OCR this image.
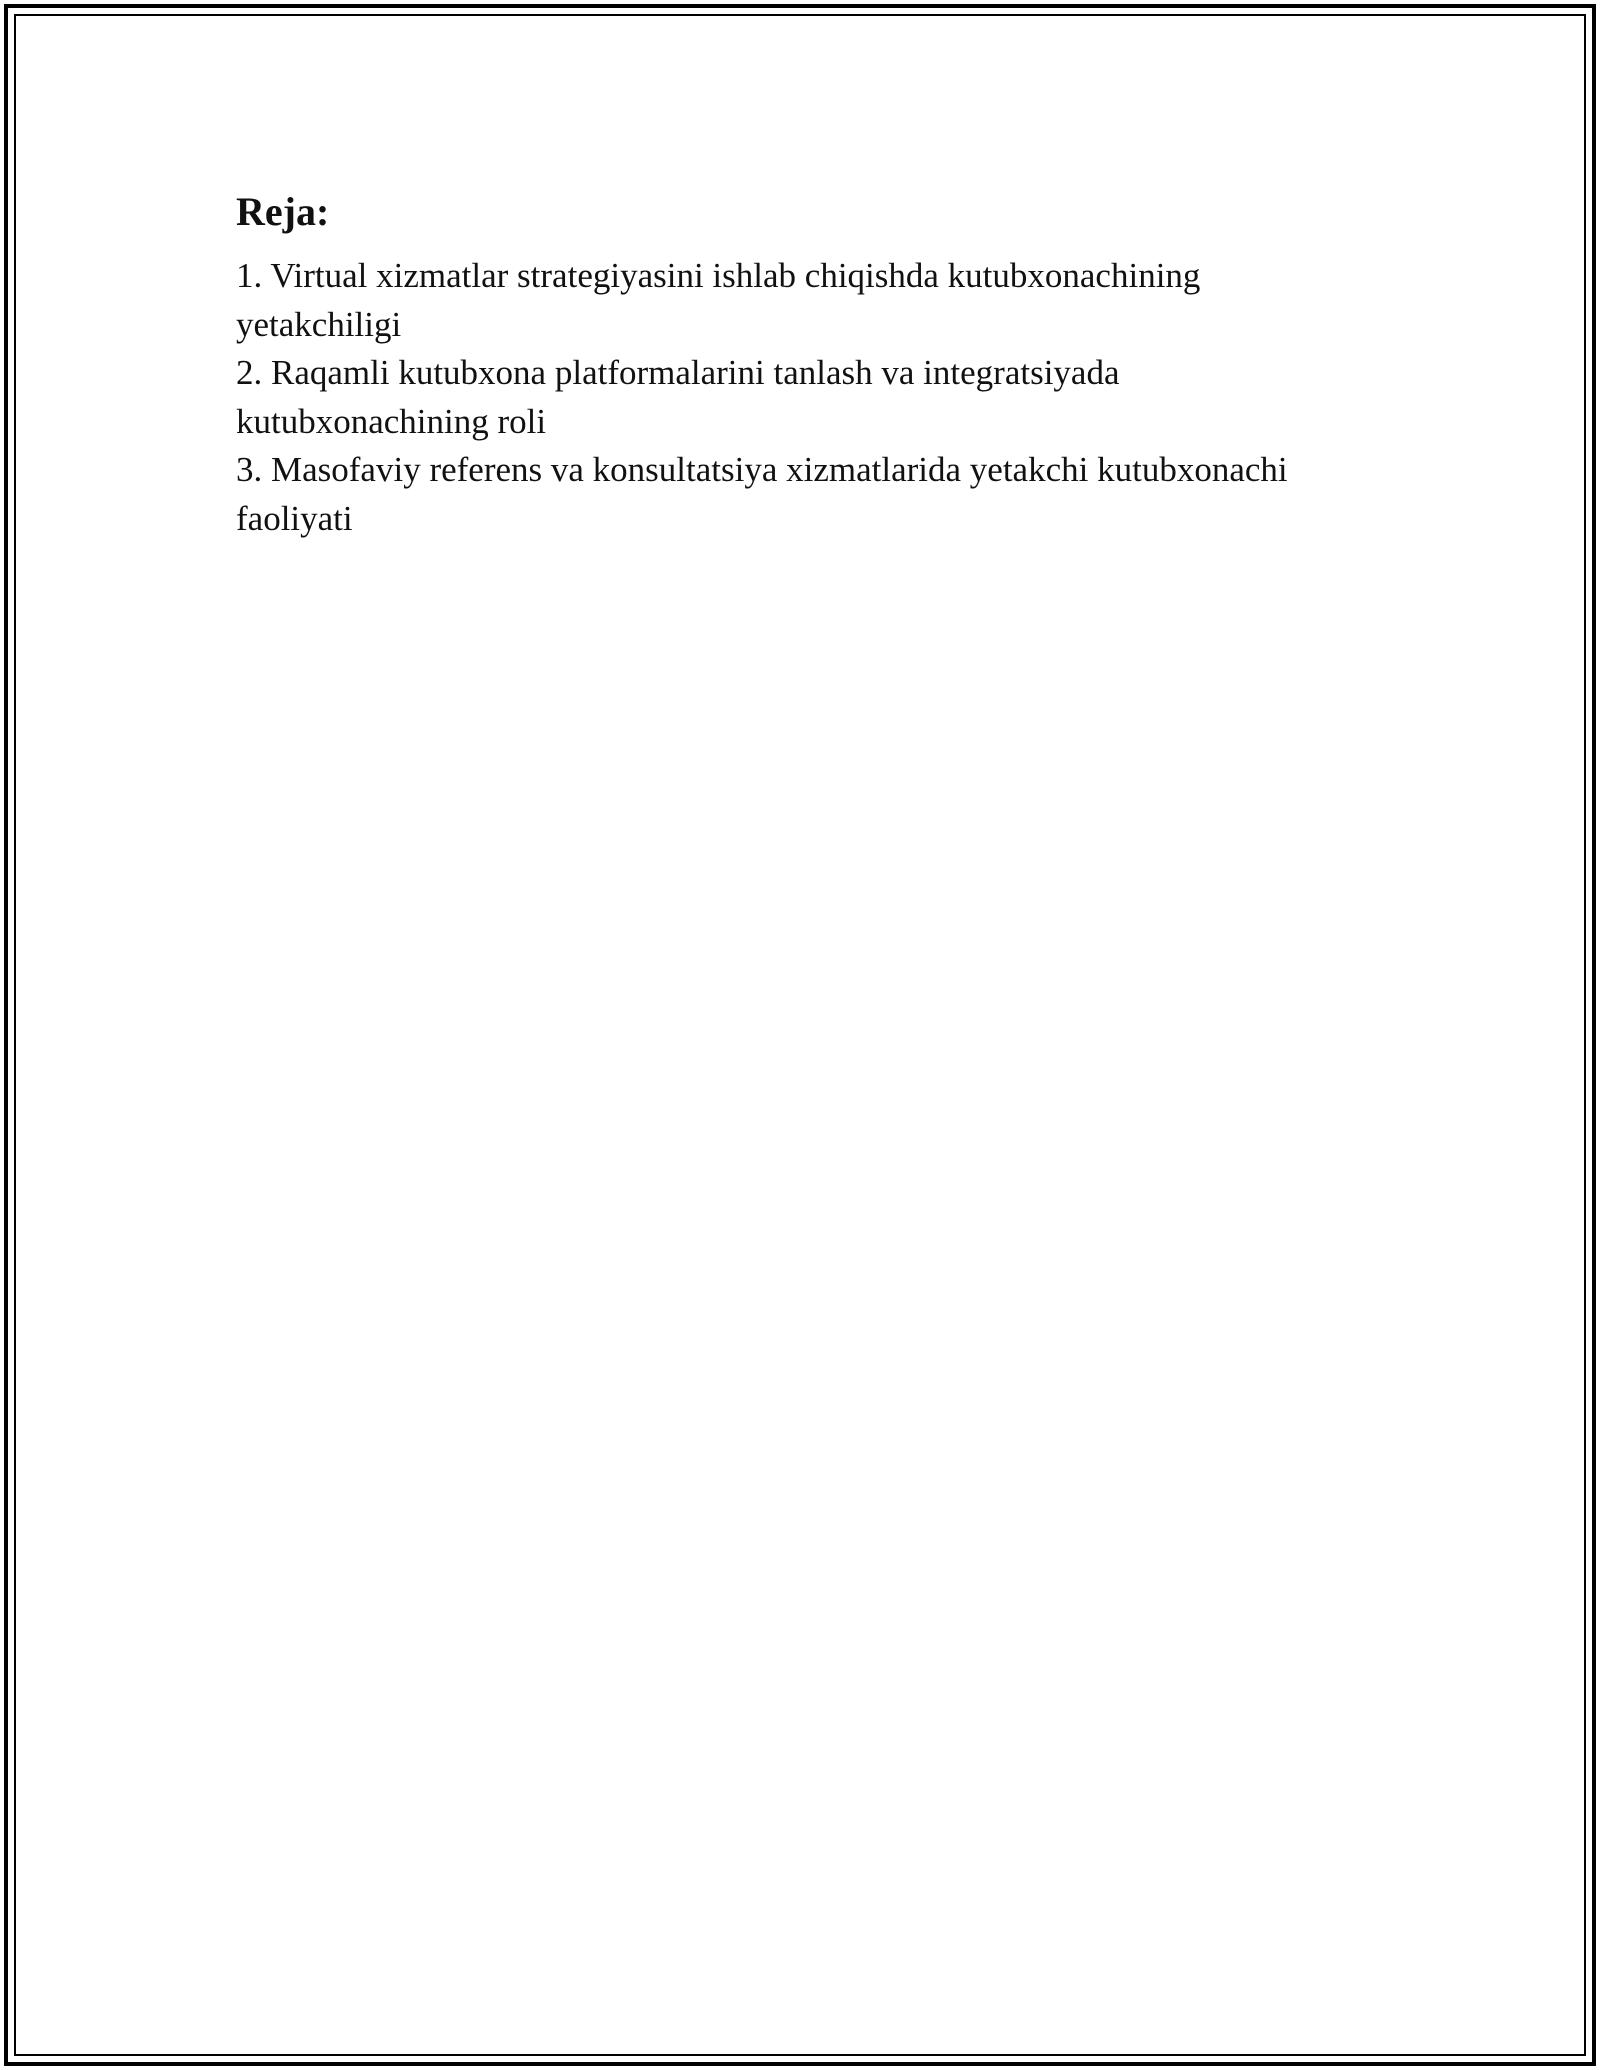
Reja:
1. Virtual xizmatlar strategiyasini ishlab chiqishda kutubxonachining
yetakchiligi
2. Raqamli kutubxona platformalarini tanlash va integratsiyada
kutubxonachining roli
3. Masofaviy referens va konsultatsiya xizmatlarida yetakchi kutubxonachi
faoliyati
